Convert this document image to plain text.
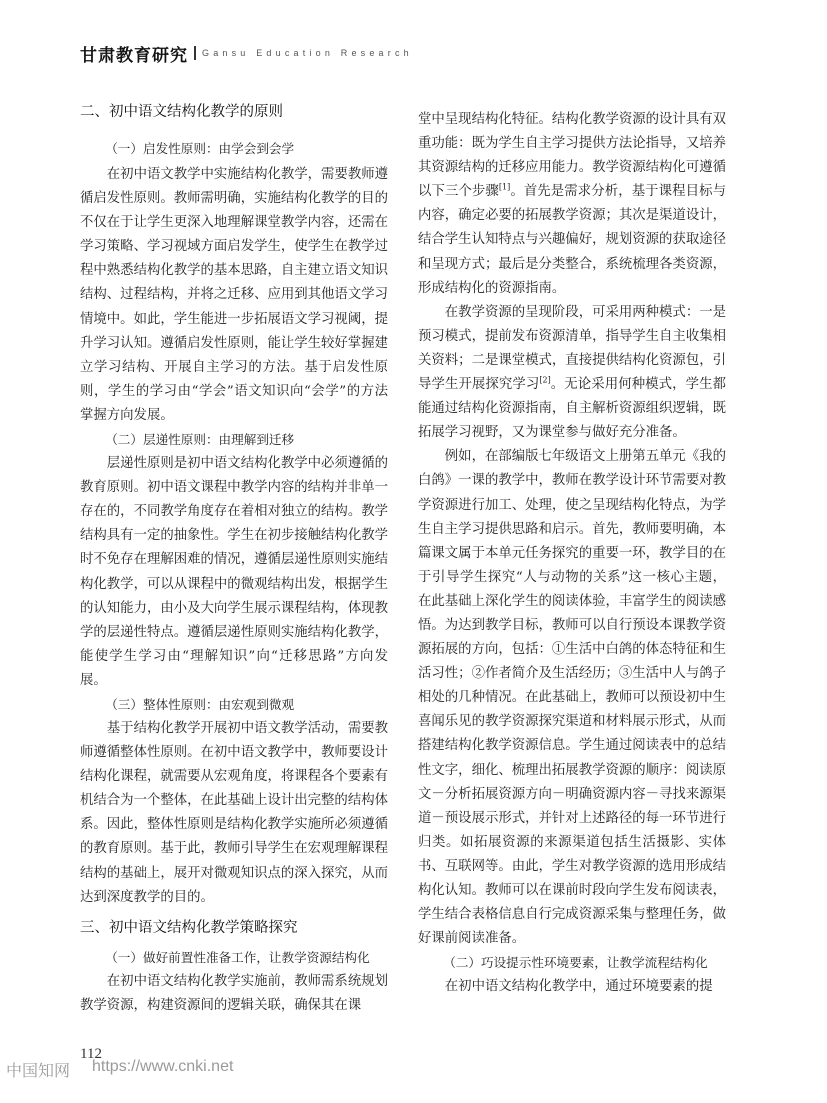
甘肃教育研究 Gansu Education Research
二、初中语文结构化教学的原则
（一）启发性原则：由学会到会学

在初中语文教学中实施结构化教学，需要教师遵循启发性原则。教师需明确，实施结构化教学的目的不仅在于让学生更深入地理解课堂教学内容，还需在学习策略、学习视域方面启发学生，使学生在教学过程中熟悉结构化教学的基本思路，自主建立语文知识结构、过程结构，并将之迁移、应用到其他语文学习情境中。如此，学生能进一步拓展语文学习视阈，提升学习认知。遵循启发性原则，能让学生较好掌握建立学习结构、开展自主学习的方法。基于启发性原则，学生的学习由“学会”语文知识向“会学”的方法掌握方向发展。

（二）层递性原则：由理解到迁移

层递性原则是初中语文结构化教学中必须遵循的教育原则。初中语文课程中教学内容的结构并非单一存在的，不同教学角度存在着相对独立的结构。教学结构具有一定的抽象性。学生在初步接触结构化教学时不免存在理解困难的情况，遵循层递性原则实施结构化教学，可以从课程中的微观结构出发，根据学生的认知能力，由小及大向学生展示课程结构，体现教学的层递性特点。遵循层递性原则实施结构化教学，能使学生学习由“理解知识”向“迁移思路”方向发展。

（三）整体性原则：由宏观到微观

基于结构化教学开展初中语文教学活动，需要教师遵循整体性原则。在初中语文教学中，教师要设计结构化课程，就需要从宏观角度，将课程各个要素有机结合为一个整体，在此基础上设计出完整的结构体系。因此，整体性原则是结构化教学实施所必须遵循的教育原则。基于此，教师引导学生在宏观理解课程结构的基础上，展开对微观知识点的深入探究，从而达到深度教学的目的。

三、初中语文结构化教学策略探究
（一）做好前置性准备工作，让教学资源结构化

在初中语文结构化教学实施前，教师需系统规划教学资源，构建资源间的逻辑关联，确保其在课

堂中呈现结构化特征。结构化教学资源的设计具有双重功能：既为学生自主学习提供方法论指导，又培养其资源结构的迁移应用能力。教学资源结构化可遵循以下三个步骤[1]。首先是需求分析，基于课程目标与内容，确定必要的拓展教学资源；其次是渠道设计，结合学生认知特点与兴趣偏好，规划资源的获取途径和呈现方式；最后是分类整合，系统梳理各类资源，形成结构化的资源指南。

在教学资源的呈现阶段，可采用两种模式：一是预习模式，提前发布资源清单，指导学生自主收集相关资料；二是课堂模式，直接提供结构化资源包，引导学生开展探究学习[2]。无论采用何种模式，学生都能通过结构化资源指南，自主解析资源组织逻辑，既拓展学习视野，又为课堂参与做好充分准备。

例如，在部编版七年级语文上册第五单元《我的白鸽》一课的教学中，教师在教学设计环节需要对教学资源进行加工、处理，使之呈现结构化特点，为学生自主学习提供思路和启示。首先，教师要明确，本篇课文属于本单元任务探究的重要一环，教学目的在于引导学生探究“人与动物的关系”这一核心主题，在此基础上深化学生的阅读体验，丰富学生的阅读感悟。为达到教学目标，教师可以自行预设本课教学资源拓展的方向，包括：①生活中白鸽的体态特征和生活习性；②作者简介及生活经历；③生活中人与鸽子相处的几种情况。在此基础上，教师可以预设初中生喜闻乐见的教学资源探究渠道和材料展示形式，从而搭建结构化教学资源信息。学生通过阅读表中的总结性文字，细化、梳理出拓展教学资源的顺序：阅读原文－分析拓展资源方向－明确资源内容－寻找来源渠道－预设展示形式，并针对上述路径的每一环节进行归类。如拓展资源的来源渠道包括生活摄影、实体书、互联网等。由此，学生对教学资源的选用形成结构化认知。教师可以在课前时段向学生发布阅读表，学生结合表格信息自行完成资源采集与整理任务，做好课前阅读准备。

（二）巧设提示性环境要素，让教学流程结构化

在初中语文结构化教学中，通过环境要素的提

112
中国知网 https://www.cnki.net
